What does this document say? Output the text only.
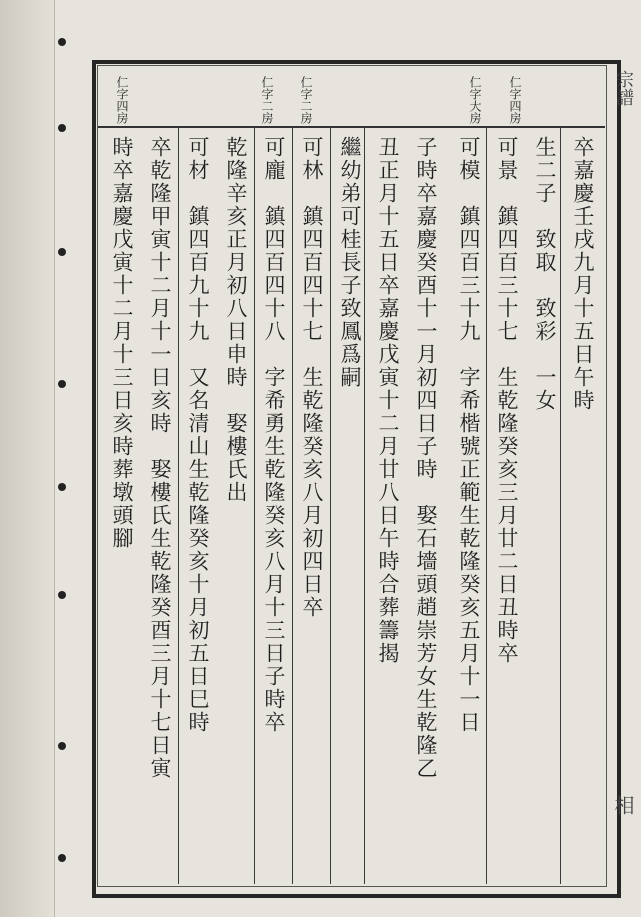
仁字四房	仁字二房 仁字二房	仁字大房 仁字四房
卒嘉慶壬戌九月十五日午時
生二子　致取　致彩　一女
可景　鎮四百三十七　生乾隆癸亥三月廿二日丑時卒
可模　鎮四百三十九　字希楷號正範生乾隆癸亥五月十一日
子時卒嘉慶癸酉十一月初四日子時　娶石墻頭趙崇芳女生乾隆乙
丑正月十五日卒嘉慶戊寅十二月廿八日午時合葬籌揭
繼幼弟可桂長子致鳳爲嗣
可林　鎮四百四十七　生乾隆癸亥八月初四日卒
可龐　鎮四百四十八　字希勇生乾隆癸亥八月十三日子時卒
乾隆辛亥正月初八日申時　娶樓氏出
可材　鎮四百九十九　又名清山生乾隆癸亥十月初五日巳時
卒乾隆甲寅十二月十一日亥時　娶樓氏生乾隆癸酉三月十七日寅
時卒嘉慶戊寅十二月十三日亥時葬墩頭腳
宗譜
相
